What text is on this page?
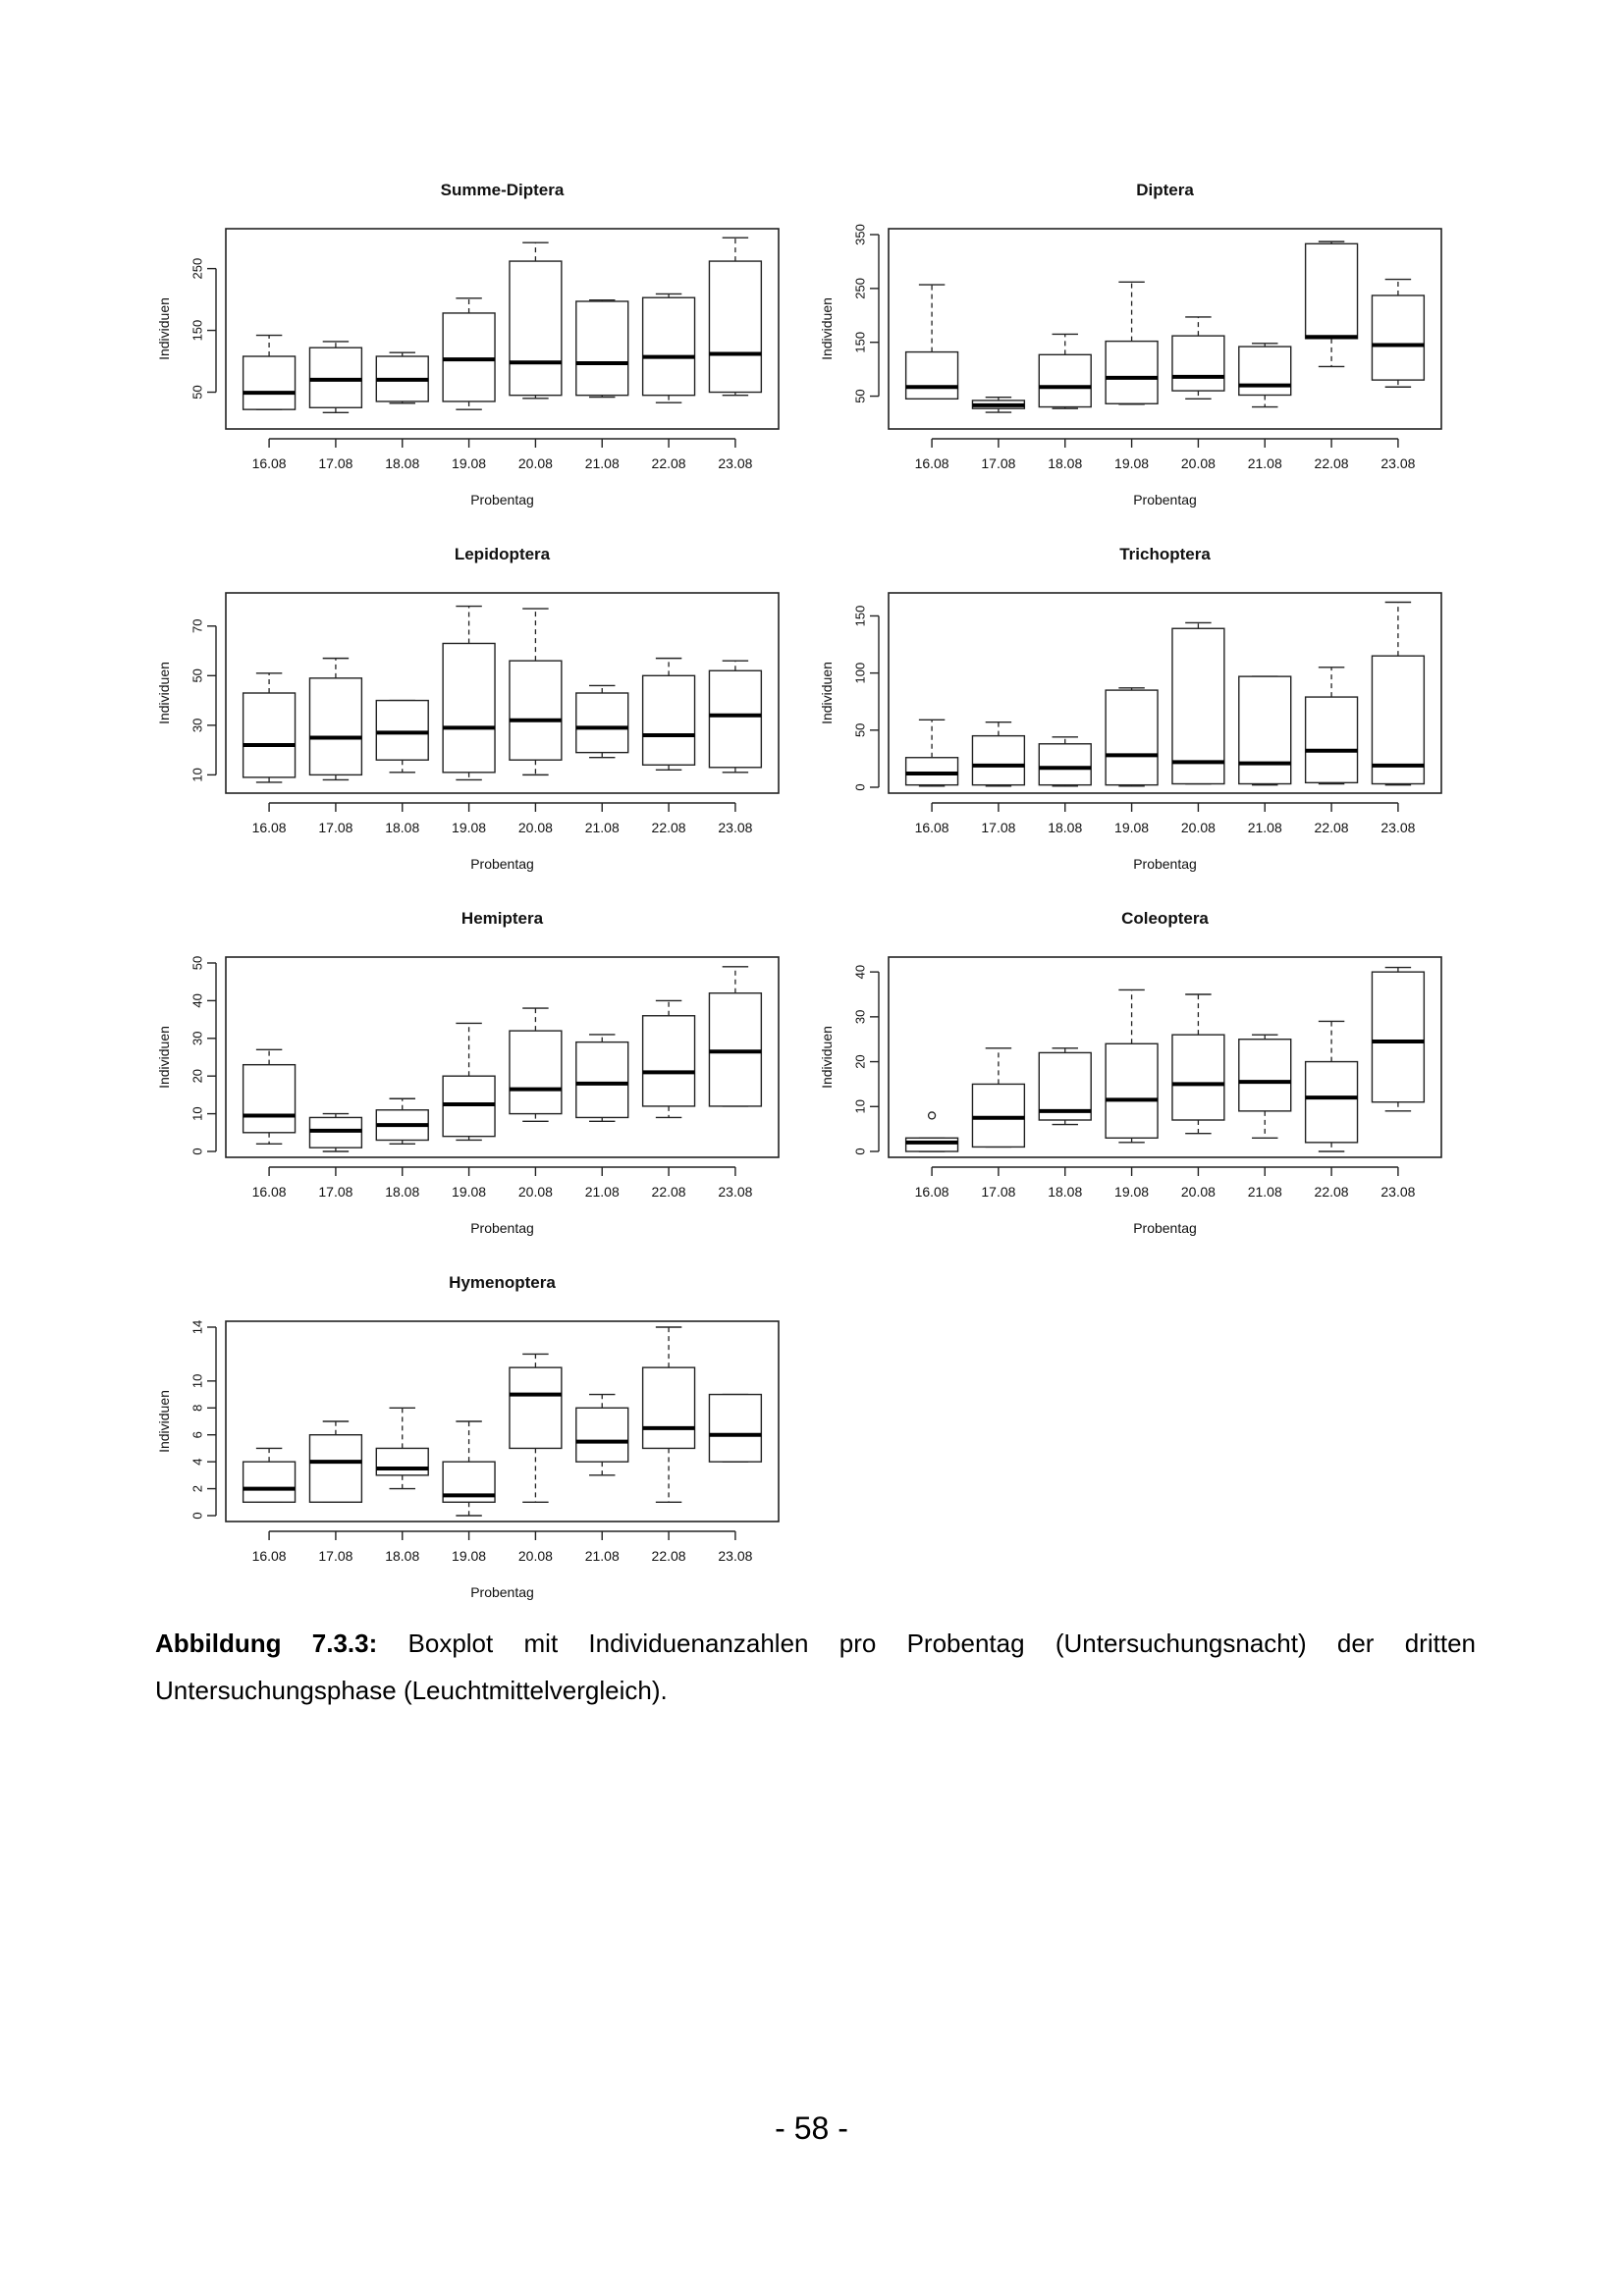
Summe-Diptera
50
150
250
Individuen
16.08 17.08 18.08 19.08 20.08 21.08 22.08 23.08
Probentag
Diptera
50
150
250
350
Individuen
16.08 17.08 18.08 19.08 20.08 21.08 22.08 23.08
Probentag
Lepidoptera
10
30
50
70
Individuen
16.08 17.08 18.08 19.08 20.08 21.08 22.08 23.08
Probentag
Trichoptera
0
50
100
150
Individuen
16.08 17.08 18.08 19.08 20.08 21.08 22.08 23.08
Probentag
Hemiptera
0
10
20
30
40
50
Individuen
16.08 17.08 18.08 19.08 20.08 21.08 22.08 23.08
Probentag
Coleoptera
0
10
20
30
40
Individuen
16.08 17.08 18.08 19.08 20.08 21.08 22.08 23.08
Probentag
Hymenoptera
0
2
4
6
8
10
14
Individuen
16.08 17.08 18.08 19.08 20.08 21.08 22.08 23.08
Probentag
Abbildung 7.3.3: Boxplot mit Individuenanzahlen pro Probentag (Untersuchungsnacht) der dritten Untersuchungsphase (Leuchtmittelvergleich).
- 58 -
